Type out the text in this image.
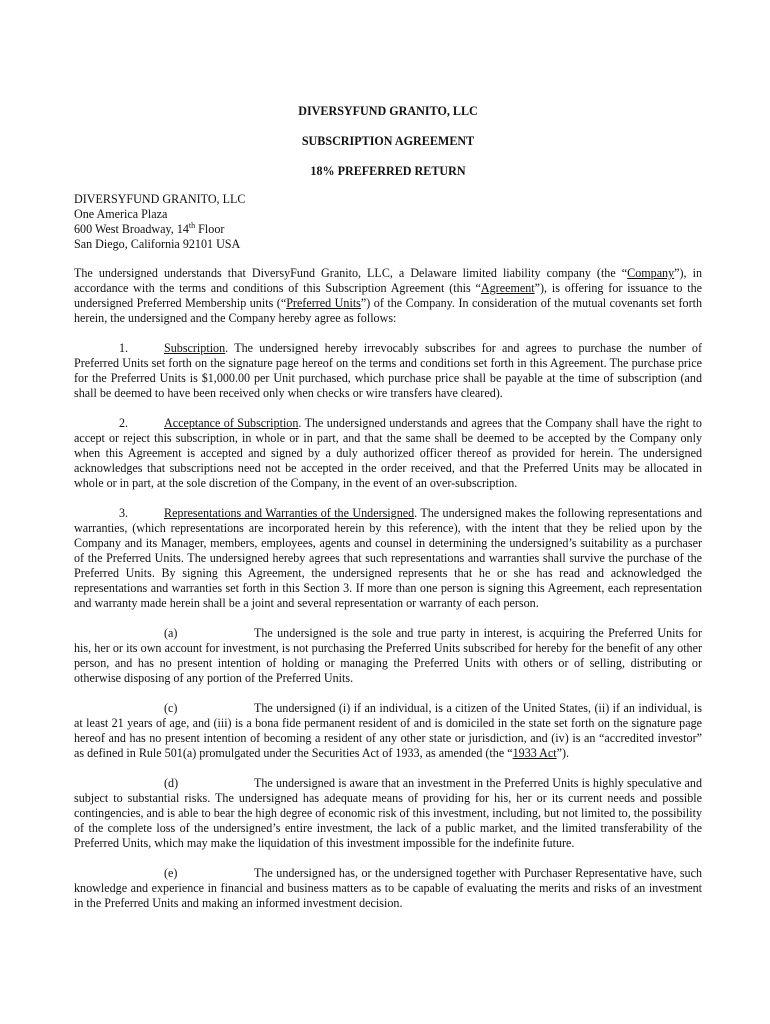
DIVERSYFUND GRANITO, LLC
SUBSCRIPTION AGREEMENT
18% PREFERRED RETURN
DIVERSYFUND GRANITO, LLC
One America Plaza
600 West Broadway, 14th Floor
San Diego, California 92101 USA

The undersigned understands that DiversyFund Granito, LLC, a Delaware limited liability company (the “Company”), in accordance with the terms and conditions of this Subscription Agreement (this “Agreement”), is offering for issuance to the undersigned Preferred Membership units (“Preferred Units”) of the Company. In consideration of the mutual covenants set forth herein, the undersigned and the Company hereby agree as follows:

1.	Subscription. The undersigned hereby irrevocably subscribes for and agrees to purchase the number of Preferred Units set forth on the signature page hereof on the terms and conditions set forth in this Agreement. The purchase price for the Preferred Units is $1,000.00 per Unit purchased, which purchase price shall be payable at the time of subscription (and shall be deemed to have been received only when checks or wire transfers have cleared).

2.	Acceptance of Subscription. The undersigned understands and agrees that the Company shall have the right to accept or reject this subscription, in whole or in part, and that the same shall be deemed to be accepted by the Company only when this Agreement is accepted and signed by a duly authorized officer thereof as provided for herein. The undersigned acknowledges that subscriptions need not be accepted in the order received, and that the Preferred Units may be allocated in whole or in part, at the sole discretion of the Company, in the event of an over-subscription.

3.	Representations and Warranties of the Undersigned. The undersigned makes the following representations and warranties, (which representations are incorporated herein by this reference), with the intent that they be relied upon by the Company and its Manager, members, employees, agents and counsel in determining the undersigned’s suitability as a purchaser of the Preferred Units. The undersigned hereby agrees that such representations and warranties shall survive the purchase of the Preferred Units. By signing this Agreement, the undersigned represents that he or she has read and acknowledged the representations and warranties set forth in this Section 3. If more than one person is signing this Agreement, each representation and warranty made herein shall be a joint and several representation or warranty of each person.

(a)	The undersigned is the sole and true party in interest, is acquiring the Preferred Units for his, her or its own account for investment, is not purchasing the Preferred Units subscribed for hereby for the benefit of any other person, and has no present intention of holding or managing the Preferred Units with others or of selling, distributing or otherwise disposing of any portion of the Preferred Units.

(c)	The undersigned (i) if an individual, is a citizen of the United States, (ii) if an individual, is at least 21 years of age, and (iii) is a bona fide permanent resident of and is domiciled in the state set forth on the signature page hereof and has no present intention of becoming a resident of any other state or jurisdiction, and (iv) is an “accredited investor” as defined in Rule 501(a) promulgated under the Securities Act of 1933, as amended (the “1933 Act”).

(d)	The undersigned is aware that an investment in the Preferred Units is highly speculative and subject to substantial risks. The undersigned has adequate means of providing for his, her or its current needs and possible contingencies, and is able to bear the high degree of economic risk of this investment, including, but not limited to, the possibility of the complete loss of the undersigned’s entire investment, the lack of a public market, and the limited transferability of the Preferred Units, which may make the liquidation of this investment impossible for the indefinite future.

(e)	The undersigned has, or the undersigned together with Purchaser Representative have, such knowledge and experience in financial and business matters as to be capable of evaluating the merits and risks of an investment in the Preferred Units and making an informed investment decision.
